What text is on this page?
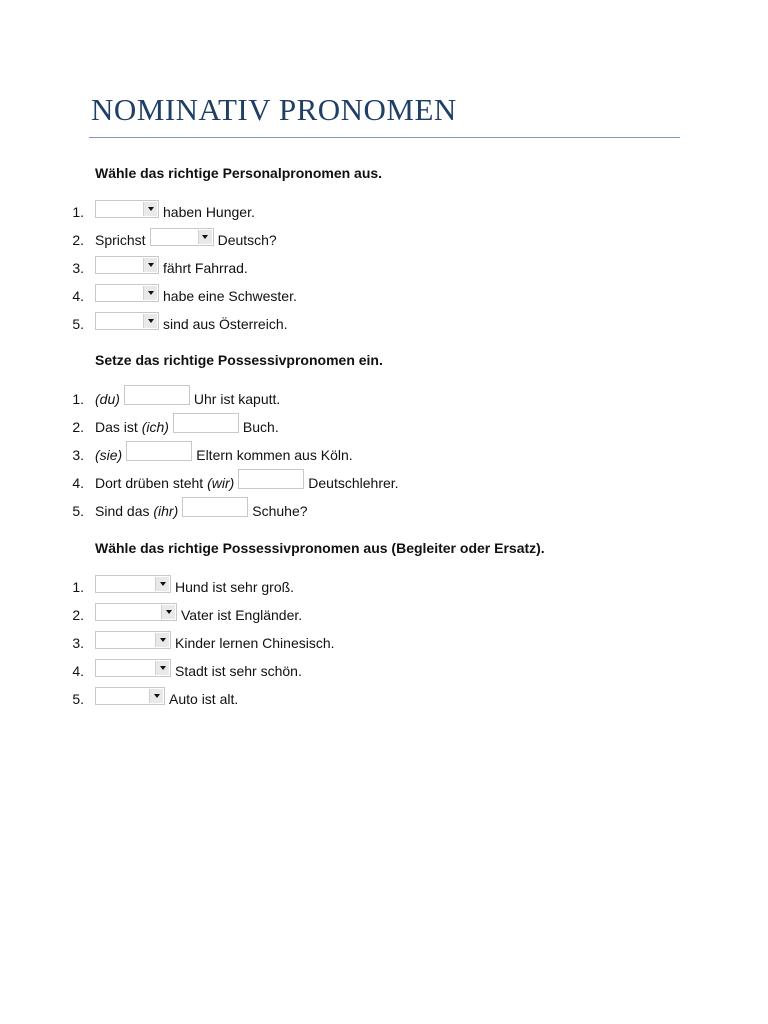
NOMINATIV PRONOMEN

Wähle das richtige Personalpronomen aus.

1.	haben Hunger.
2. Sprichst	Deutsch?
3.	fährt Fahrrad.
4.	habe eine Schwester.
5.	sind aus Österreich.

Setze das richtige Possessivpronomen ein.

1. (du)	Uhr ist kaputt.
2. Das ist
(ich)	Buch.
3. (sie)	Eltern kommen aus Köln.
4. Dort drüben steht
(wir)	Deutschlehrer.
5. Sind das
(ihr)	Schuhe?

Wähle das richtige Possessivpronomen aus (Begleiter oder Ersatz).

1.	Hund ist sehr groß.
2.	Vater ist Engländer.
3.	Kinder lernen Chinesisch.
4.	Stadt ist sehr schön.
5.	Auto ist alt.
